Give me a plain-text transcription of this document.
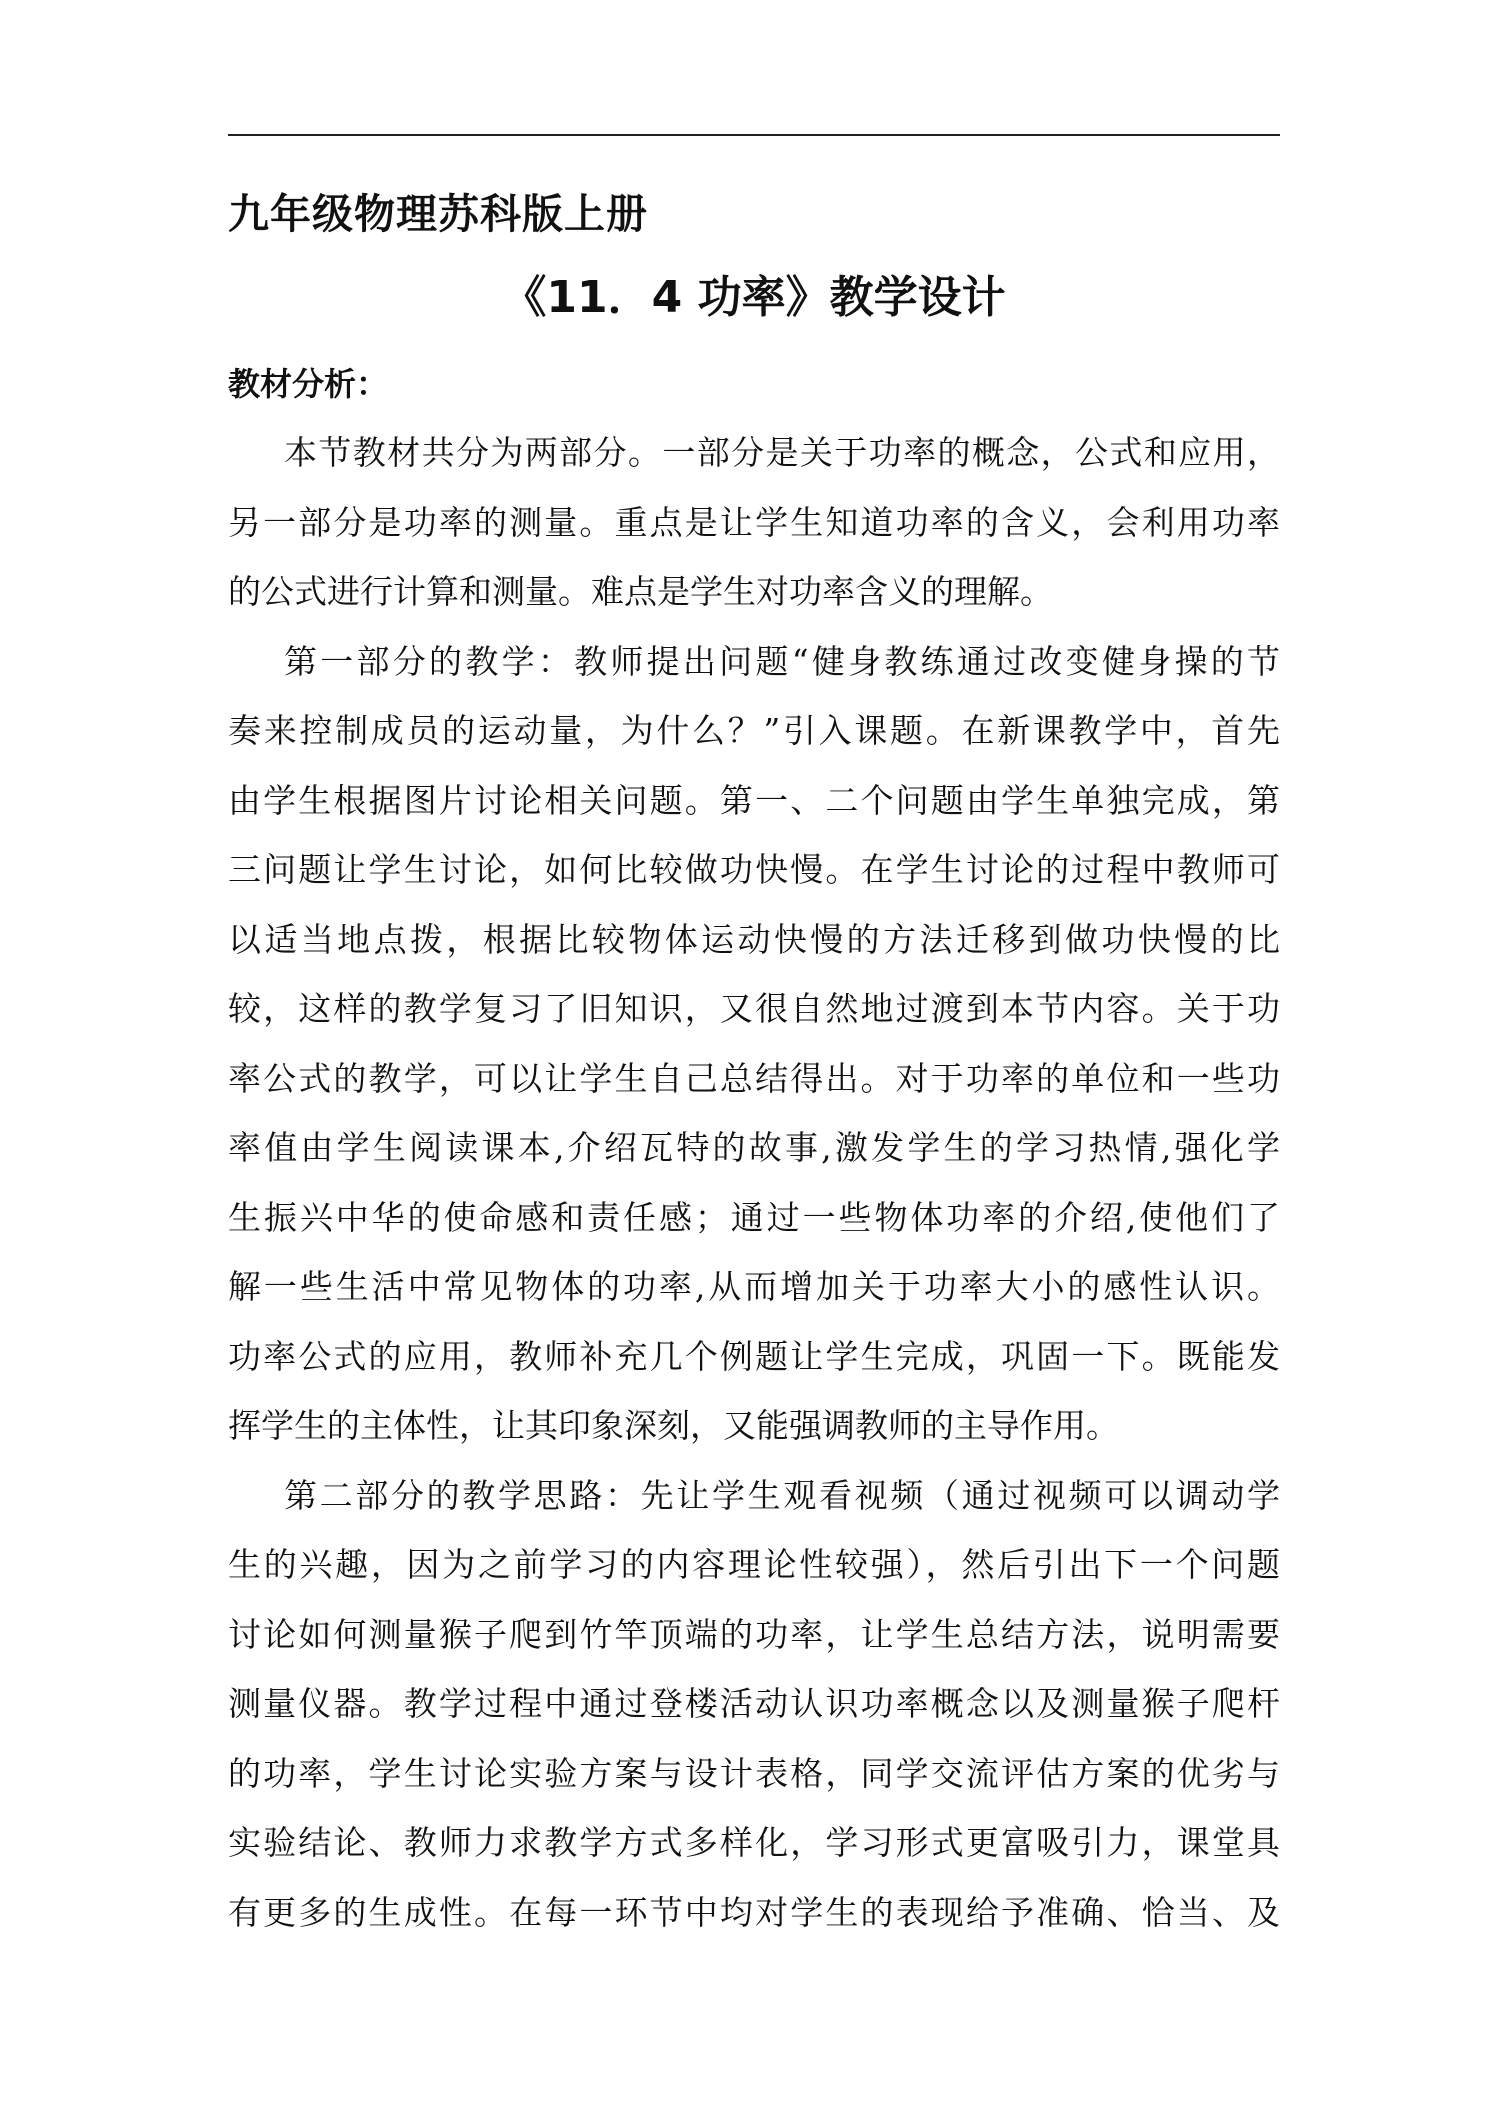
九年级物理苏科版上册
《11．4 功率》教学设计
教材分析：
本节教材共分为两部分。一部分是关于功率的概念，公式和应用，
另一部分是功率的测量。重点是让学生知道功率的含义，会利用功率
的公式进行计算和测量。难点是学生对功率含义的理解。
第一部分的教学：教师提出问题“健身教练通过改变健身操的节
奏来控制成员的运动量，为什么？”引入课题。在新课教学中，首先
由学生根据图片讨论相关问题。第一、二个问题由学生单独完成，第
三问题让学生讨论，如何比较做功快慢。在学生讨论的过程中教师可
以适当地点拨，根据比较物体运动快慢的方法迁移到做功快慢的比
较，这样的教学复习了旧知识，又很自然地过渡到本节内容。关于功
率公式的教学，可以让学生自己总结得出。对于功率的单位和一些功
率值由学生阅读课本,介绍瓦特的故事,激发学生的学习热情,强化学
生振兴中华的使命感和责任感；通过一些物体功率的介绍,使他们了
解一些生活中常见物体的功率,从而增加关于功率大小的感性认识。
功率公式的应用，教师补充几个例题让学生完成，巩固一下。既能发
挥学生的主体性，让其印象深刻，又能强调教师的主导作用。
第二部分的教学思路：先让学生观看视频（通过视频可以调动学
生的兴趣，因为之前学习的内容理论性较强），然后引出下一个问题
讨论如何测量猴子爬到竹竿顶端的功率，让学生总结方法，说明需要
测量仪器。教学过程中通过登楼活动认识功率概念以及测量猴子爬杆
的功率，学生讨论实验方案与设计表格，同学交流评估方案的优劣与
实验结论、教师力求教学方式多样化，学习形式更富吸引力，课堂具
有更多的生成性。在每一环节中均对学生的表现给予准确、恰当、及
